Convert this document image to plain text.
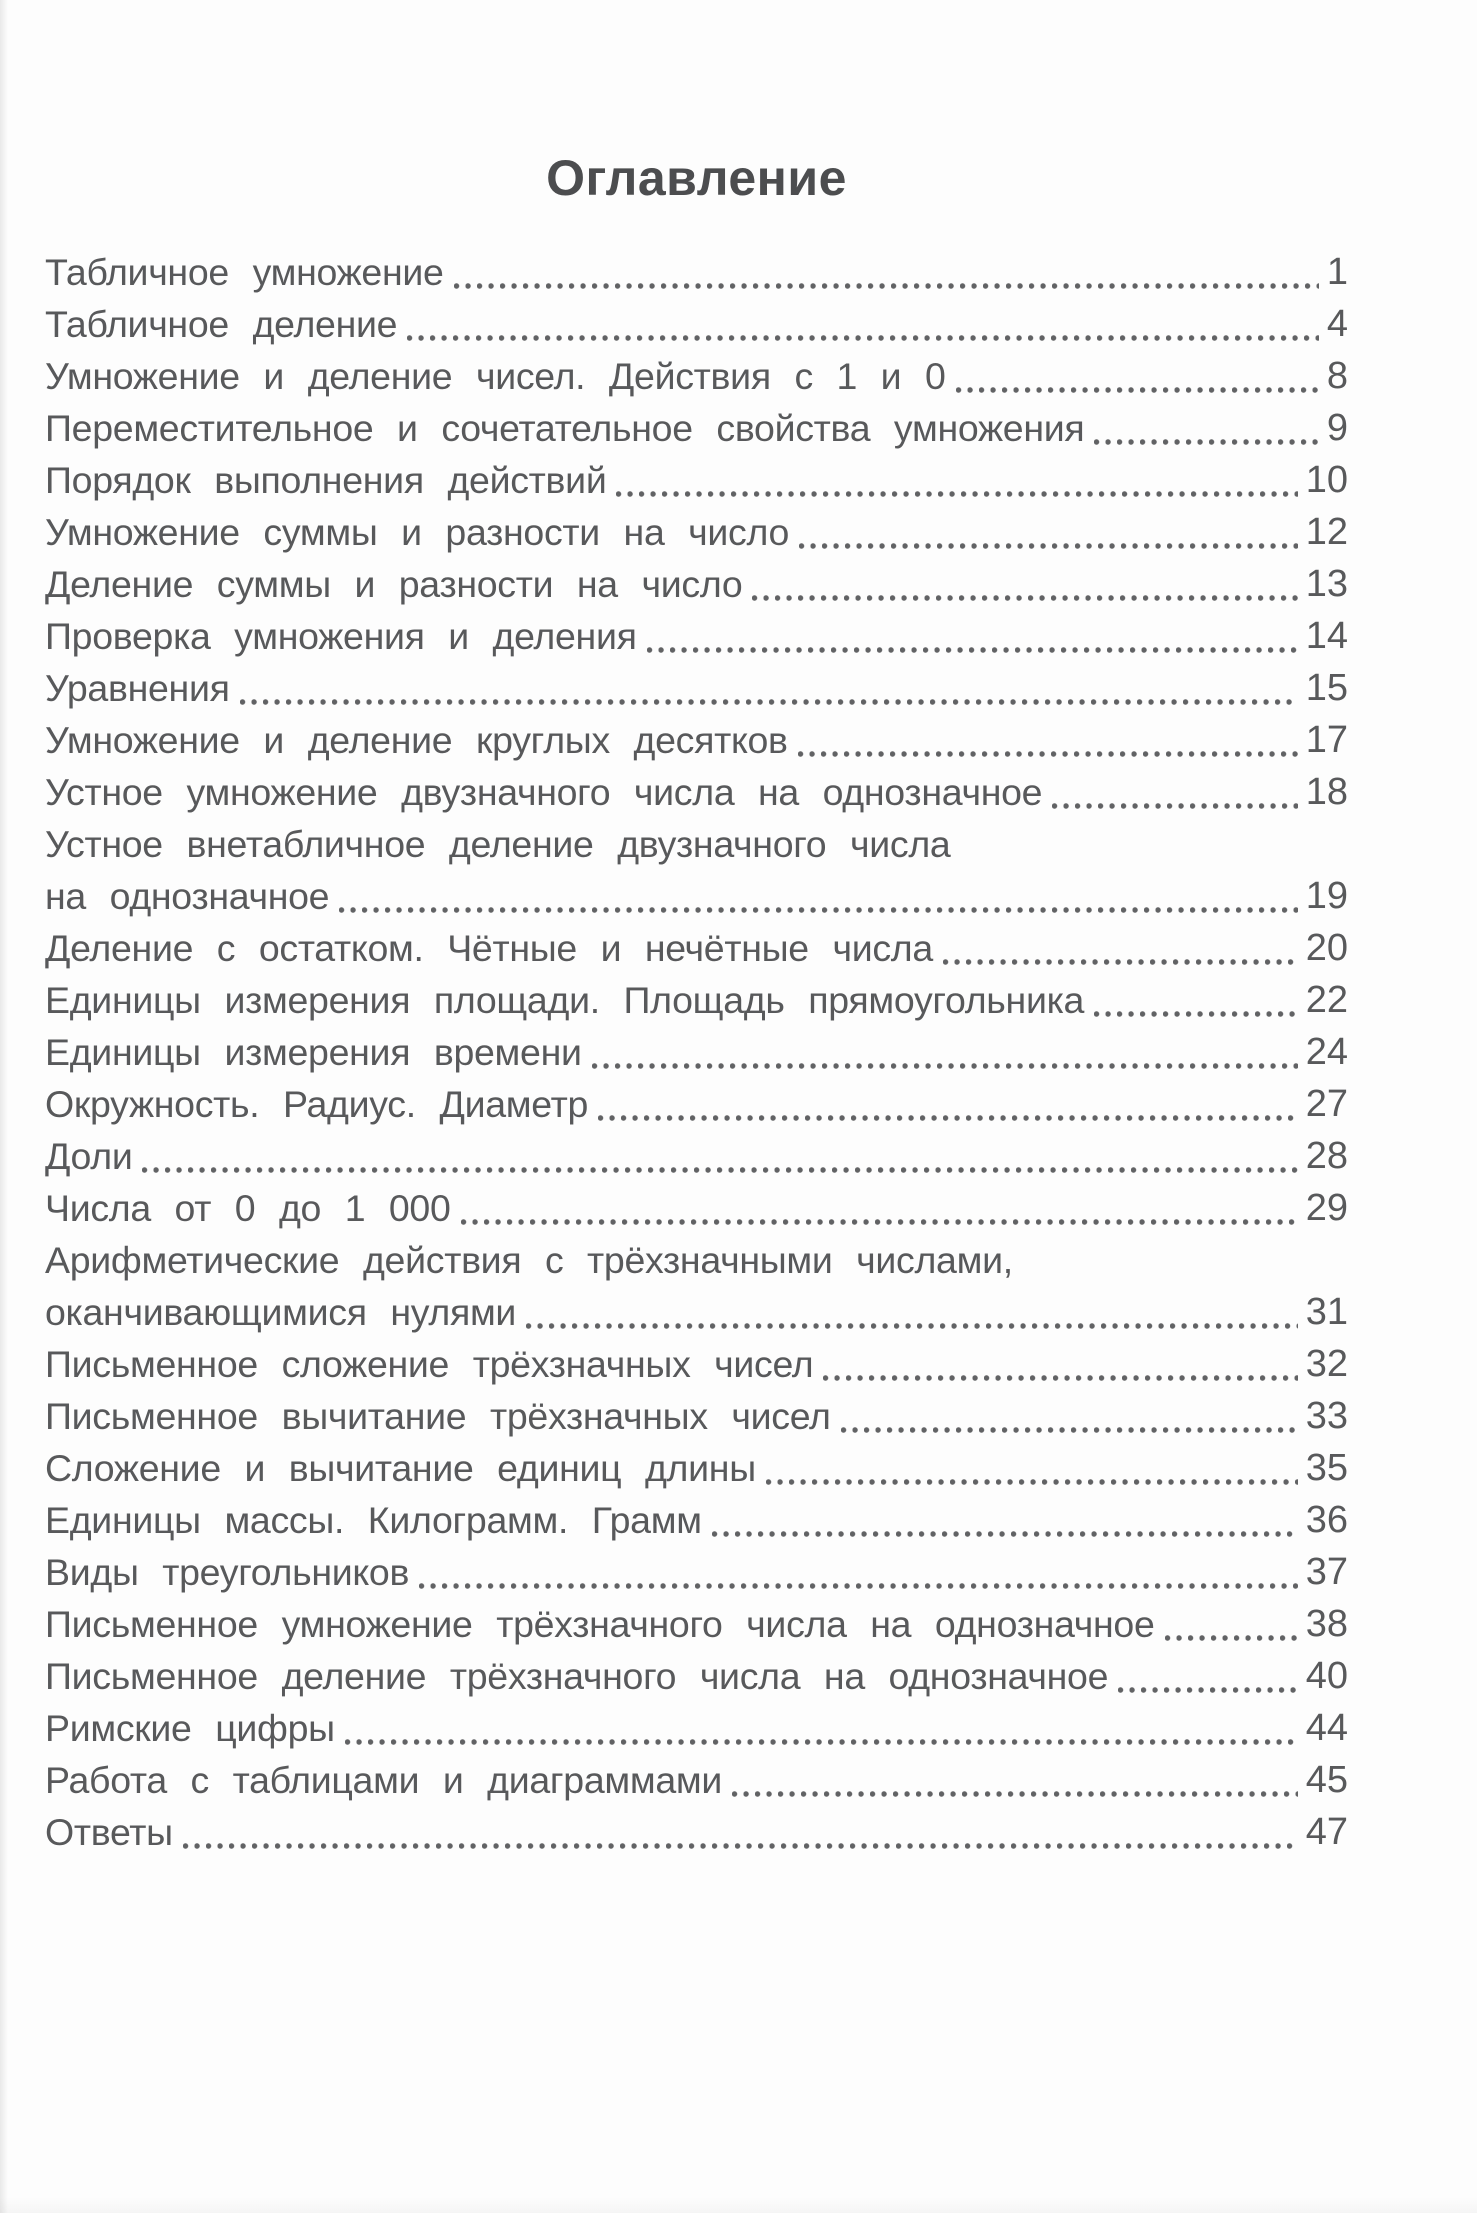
Оглавление
Табличное умножение	1
Табличное деление	4
Умножение и деление чисел. Действия с 1 и 0	8
Переместительное и сочетательное свойства умножения	9
Порядок выполнения действий	10
Умножение суммы и разности на число	12
Деление суммы и разности на число	13
Проверка умножения и деления	14
Уравнения	15
Умножение и деление круглых десятков	17
Устное умножение двузначного числа на однозначное	18
Устное внетабличное деление двузначного числа
на однозначное	19
Деление с остатком. Чётные и нечётные числа	20
Единицы измерения площади. Площадь прямоугольника	22
Единицы измерения времени	24
Окружность. Радиус. Диаметр	27
Доли	28
Числа от 0 до 1 000	29
Арифметические действия с трёхзначными числами,
оканчивающимися нулями	31
Письменное сложение трёхзначных чисел	32
Письменное вычитание трёхзначных чисел	33
Сложение и вычитание единиц длины	35
Единицы массы. Килограмм. Грамм	36
Виды треугольников	37
Письменное умножение трёхзначного числа на однозначное	38
Письменное деление трёхзначного числа на однозначное	40
Римские цифры	44
Работа с таблицами и диаграммами	45
Ответы	47
